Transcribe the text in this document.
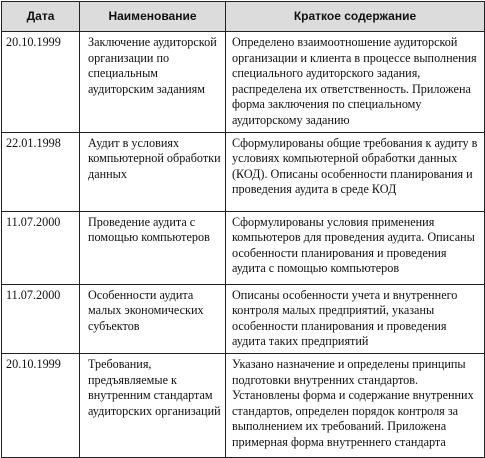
Дата	Наименование	Краткое содержание
20.10.1999	Заключение аудиторской организации по специальным аудиторским заданиям	Определено взаимоотношение аудиторской организации и клиента в процессе выполнения специального аудиторского задания, распределена их ответственность. Приложена форма заключения по специальному аудиторскому заданию
22.01.1998	Аудит в условиях компьютерной обработки данных	Сформулированы общие требования к аудиту в условиях компьютерной обработки данных (КОД). Описаны особенности планирования и проведения аудита в среде КОД
11.07.2000	Проведение аудита с помощью компьютеров	Сформулированы условия применения компьютеров для проведения аудита. Описаны особенности планирования и проведения аудита с помощью компьютеров
11.07.2000	Особенности аудита малых экономических субъектов	Описаны особенности учета и внутреннего контроля малых предприятий, указаны особенности планирования и проведения аудита таких предприятий
20.10.1999	Требования, предъявляемые к внутренним стандартам аудиторских организаций	Указано назначение и определены принципы подготовки внутренних стандартов. Установлены форма и содержание внутренних стандартов, определен порядок контроля за выполнением их требований. Приложена примерная форма внутреннего стандарта
